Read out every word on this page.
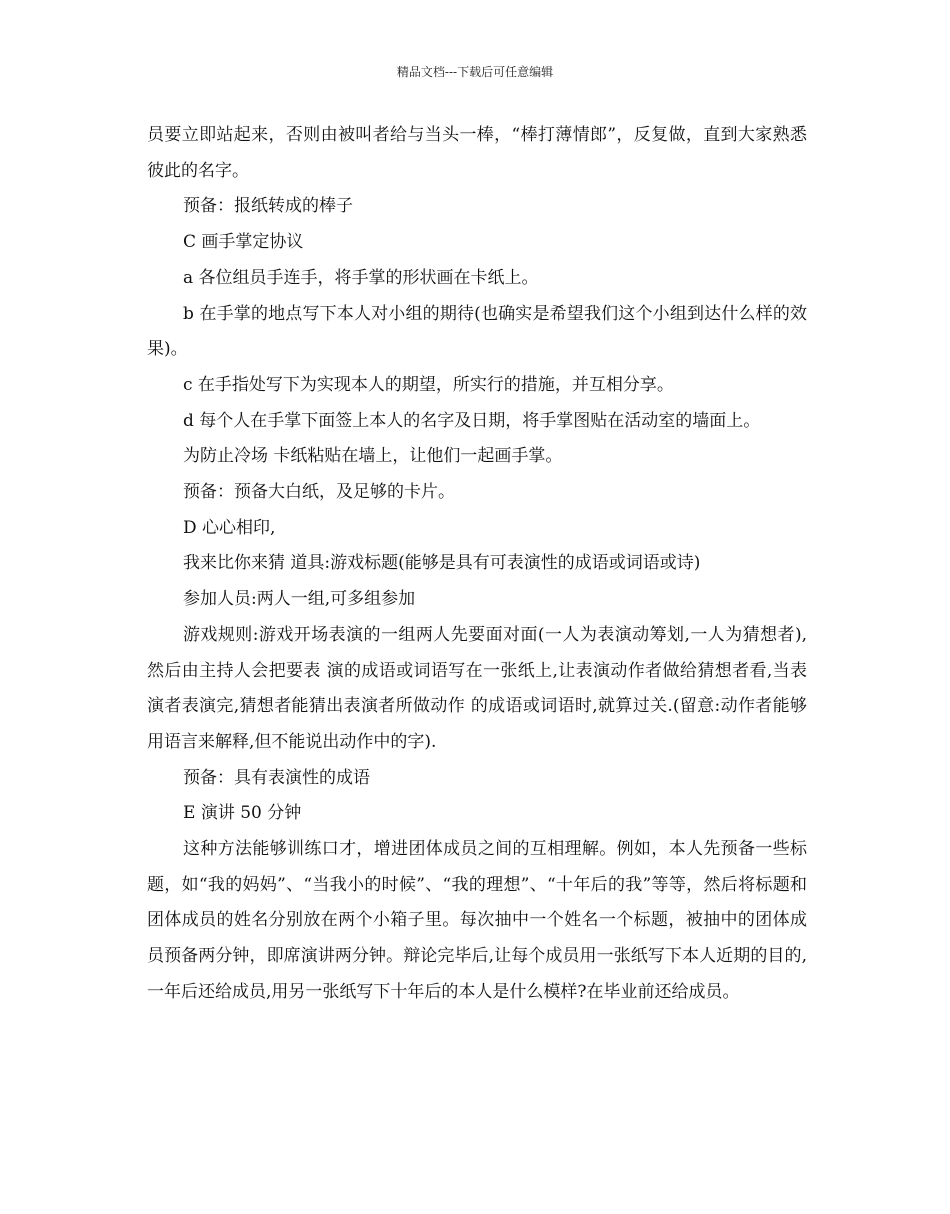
精品文档---下载后可任意编辑

员要立即站起来，否则由被叫者给与当头一棒，“棒打薄情郎”，反复做，直到大家熟悉彼此的名字。

预备：报纸转成的棒子

C 画手掌定协议

a 各位组员手连手，将手掌的形状画在卡纸上。

b 在手掌的地点写下本人对小组的期待(也确实是希望我们这个小组到达什么样的效果)。

c 在手指处写下为实现本人的期望，所实行的措施，并互相分享。

d 每个人在手掌下面签上本人的名字及日期，将手掌图贴在活动室的墙面上。

为防止冷场 卡纸粘贴在墙上，让他们一起画手掌。

预备：预备大白纸，及足够的卡片。

D 心心相印,

我来比你来猜 道具:游戏标题(能够是具有可表演性的成语或词语或诗)

参加人员:两人一组,可多组参加

游戏规则:游戏开场表演的一组两人先要面对面(一人为表演动筹划,一人为猜想者),然后由主持人会把要表 演的成语或词语写在一张纸上,让表演动作者做给猜想者看,当表演者表演完,猜想者能猜出表演者所做动作 的成语或词语时,就算过关.(留意:动作者能够用语言来解释,但不能说出动作中的字).

预备：具有表演性的成语

E 演讲 50 分钟

这种方法能够训练口才，增进团体成员之间的互相理解。例如，本人先预备一些标题，如“我的妈妈”、“当我小的时候”、“我的理想”、“十年后的我”等等，然后将标题和团体成员的姓名分别放在两个小箱子里。每次抽中一个姓名一个标题，被抽中的团体成员预备两分钟，即席演讲两分钟。辩论完毕后,让每个成员用一张纸写下本人近期的目的,一年后还给成员,用另一张纸写下十年后的本人是什么模样?在毕业前还给成员。
